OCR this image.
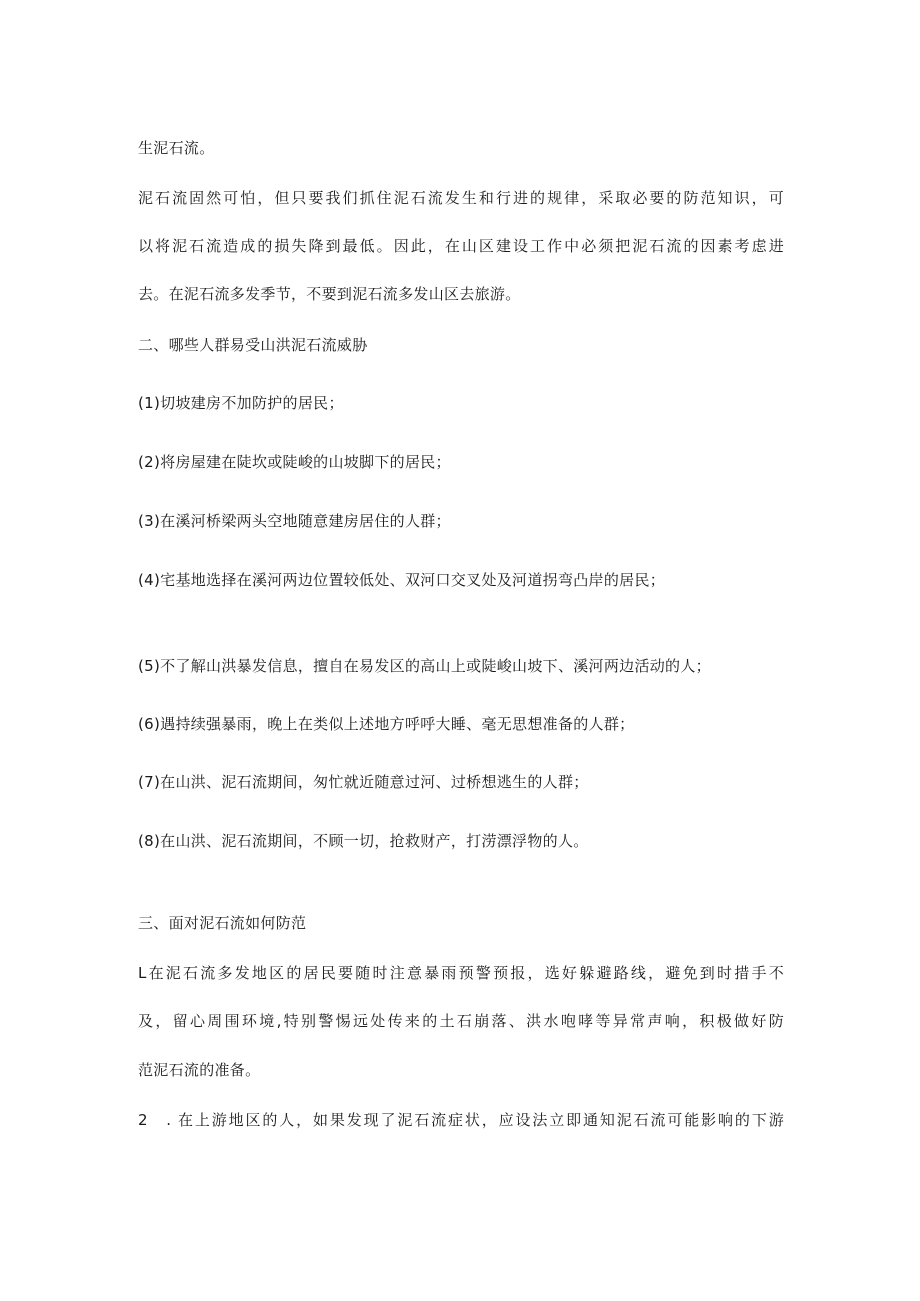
生泥石流。
泥石流固然可怕，但只要我们抓住泥石流发生和行进的规律，采取必要的防范知识，可
以将泥石流造成的损失降到最低。因此，在山区建设工作中必须把泥石流的因素考虑进
去。在泥石流多发季节，不要到泥石流多发山区去旅游。
二、哪些人群易受山洪泥石流威胁
(1)切坡建房不加防护的居民；
(2)将房屋建在陡坎或陡峻的山坡脚下的居民；
(3)在溪河桥梁两头空地随意建房居住的人群；
(4)宅基地选择在溪河两边位置较低处、双河口交叉处及河道拐弯凸岸的居民；
(5)不了解山洪暴发信息，擅自在易发区的高山上或陡峻山坡下、溪河两边活动的人；
(6)遇持续强暴雨，晚上在类似上述地方呼呼大睡、毫无思想准备的人群；
(7)在山洪、泥石流期间，匆忙就近随意过河、过桥想逃生的人群；
(8)在山洪、泥石流期间，不顾一切，抢救财产，打涝漂浮物的人。
三、面对泥石流如何防范
L在泥石流多发地区的居民要随时注意暴雨预警预报，选好躲避路线，避免到时措手不
及，留心周围环境,特别警惕远处传来的土石崩落、洪水咆哮等异常声响，积极做好防
范泥石流的准备。
2　. 在上游地区的人，如果发现了泥石流症状，应设法立即通知泥石流可能影响的下游
